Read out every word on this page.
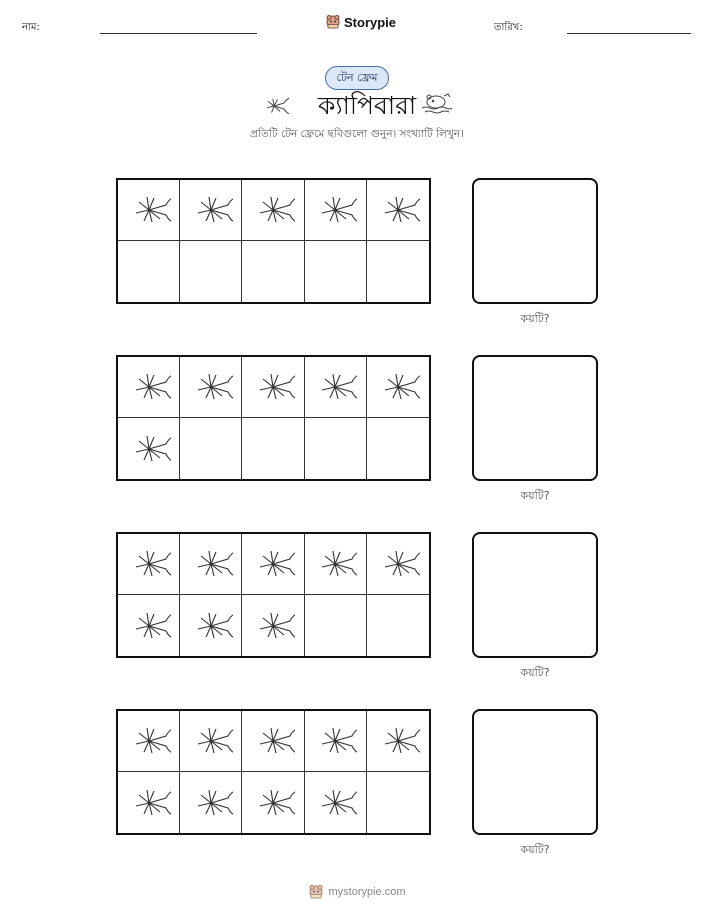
নাম:	Storypie	তারিখ:
টেন ফ্রেম
ক্যাপিবারা
প্রতিটি টেন ফ্রেমে ছবিগুলো গুনুন। সংখ্যাটি লিখুন।
কয়টি?
কয়টি?
কয়টি?
কয়টি?
mystorypie.com
